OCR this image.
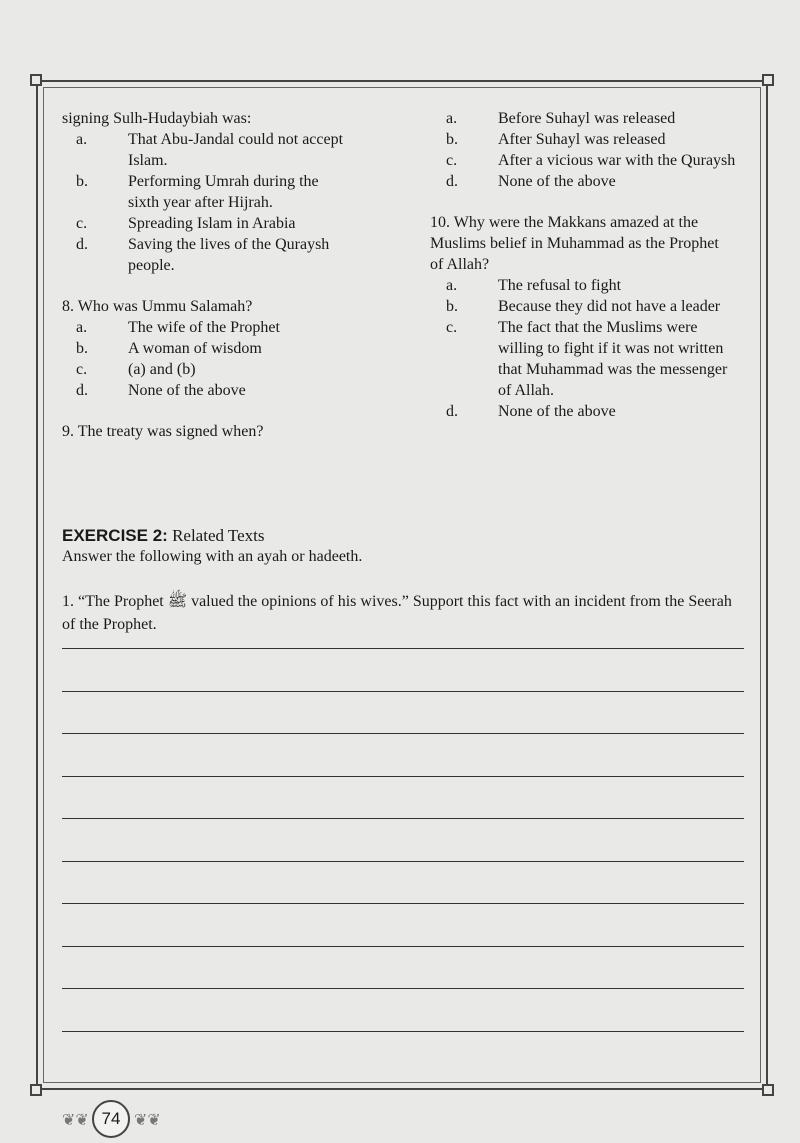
signing Sulh-Hudaybiah was:
a.	That Abu-Jandal could not accept Islam.
b.	Performing Umrah during the sixth year after Hijrah.
c.	Spreading Islam in Arabia
d.	Saving the lives of the Quraysh people.
8. Who was Ummu Salamah?
a.	The wife of the Prophet
b.	A woman of wisdom
c.	(a) and (b)
d.	None of the above
9. The treaty was signed when?
a.	Before Suhayl was released
b.	After Suhayl was released
c.	After a vicious war with the Quraysh
d.	None of the above
10. Why were the Makkans amazed at the Muslims belief in Muhammad as the Prophet of Allah?
a.	The refusal to fight
b.	Because they did not have a leader
c.	The fact that the Muslims were willing to fight if it was not written that Muhammad was the messenger of Allah.
d.	None of the above
EXERCISE 2: Related Texts
Answer the following with an ayah or hadeeth.
1. “The Prophet ﷺ valued the opinions of his wives.” Support this fact with an incident from the Seerah of the Prophet.
❦❦ 74 ❦❦
